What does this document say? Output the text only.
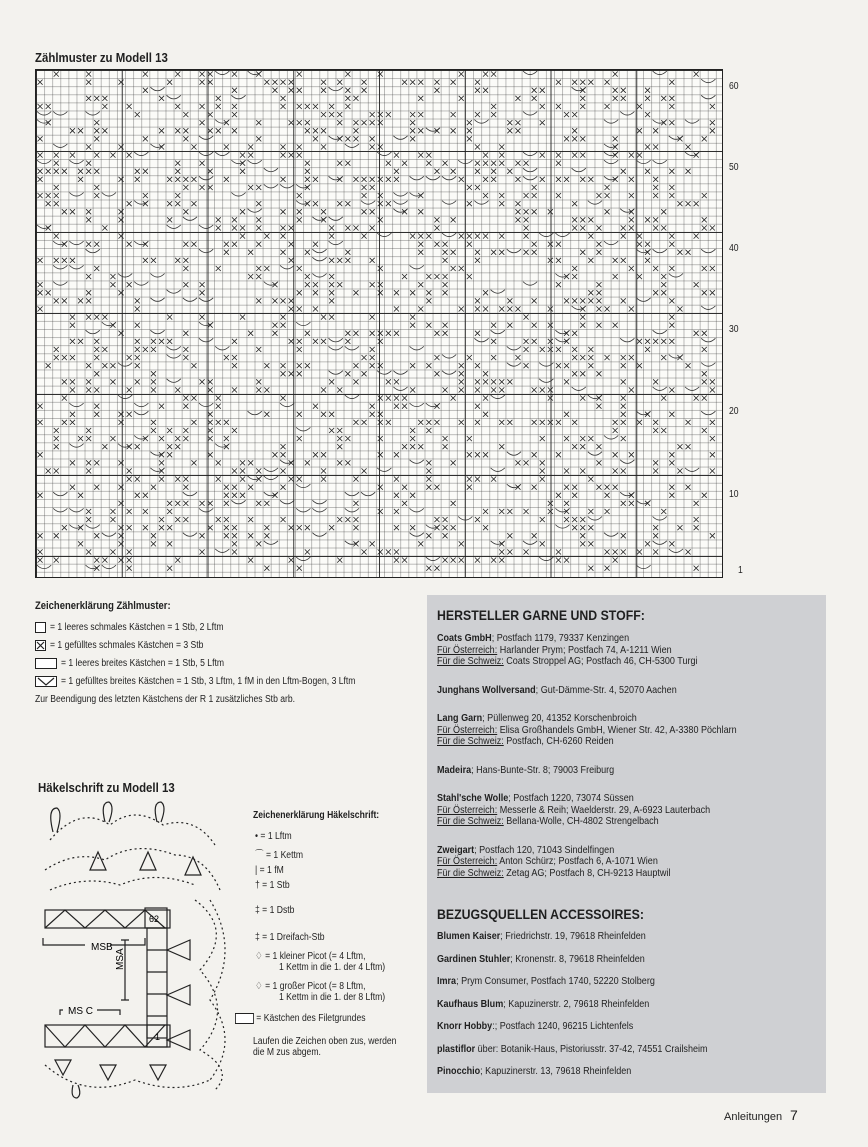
Zählmuster zu Modell 13
60
50
40
30
20
10
1
Zeichenerklärung Zählmuster:
= 1 leeres schmales Kästchen = 1 Stb, 2 Lftm
= 1 gefülltes schmales Kästchen = 3 Stb
= 1 leeres breites Kästchen = 1 Stb, 5 Lftm
= 1 gefülltes breites Kästchen = 1 Stb, 3 Lftm, 1 fM in den Lftm-Bogen, 3 Lftm
Zur Beendigung des letzten Kästchens der R 1 zusätzliches Stb arb.
Häkelschrift zu Modell 13
MSB
MSA
MS C
62
1
Zeichenerklärung Häkelschrift:
• = 1 Lftm
⌒ = 1 Kettm
| = 1 fM
† = 1 Stb
‡ = 1 Dstb
‡ = 1 Dreifach-Stb
♢ = 1 kleiner Picot (= 4 Lftm,
1 Kettm in die 1. der 4 Lftm)
♢ = 1 großer Picot (= 8 Lftm,
1 Kettm in die 1. der 8 Lftm)
= Kästchen des Filetgrundes
Laufen die Zeichen oben zus, werden
die M zus abgem.
HERSTELLER GARNE UND STOFF:
Coats GmbH; Postfach 1179, 79337 Kenzingen
Für Österreich: Harlander Prym; Postfach 74, A-1211 Wien
Für die Schweiz: Coats Stroppel AG; Postfach 46, CH-5300 Turgi
Junghans Wollversand; Gut-Dämme-Str. 4, 52070 Aachen
Lang Garn; Püllenweg 20, 41352 Korschenbroich
Für Österreich: Elisa Großhandels GmbH, Wiener Str. 42, A-3380 Pöchlarn
Für die Schweiz: Postfach, CH-6260 Reiden
Madeira; Hans-Bunte-Str. 8; 79003 Freiburg
Stahl'sche Wolle; Postfach 1220, 73074 Süssen
Für Österreich: Messerle & Reih; Waelderstr. 29, A-6923 Lauterbach
Für die Schweiz: Bellana-Wolle, CH-4802 Strengelbach
Zweigart; Postfach 120, 71043 Sindelfingen
Für Österreich: Anton Schürz; Postfach 6, A-1071 Wien
Für die Schweiz: Zetag AG; Postfach 8, CH-9213 Hauptwil
BEZUGSQUELLEN ACCESSOIRES:
Blumen Kaiser; Friedrichstr. 19, 79618 Rheinfelden
Gardinen Stuhler; Kronenstr. 8, 79618 Rheinfelden
Imra; Prym Consumer, Postfach 1740, 52220 Stolberg
Kaufhaus Blum; Kapuzinerstr. 2, 79618 Rheinfelden
Knorr Hobby:; Postfach 1240, 96215 Lichtenfels
plastiflor über: Botanik-Haus, Pistoriusstr. 37-42, 74551 Crailsheim
Pinocchio; Kapuzinerstr. 13, 79618 Rheinfelden
Anleitungen 7
